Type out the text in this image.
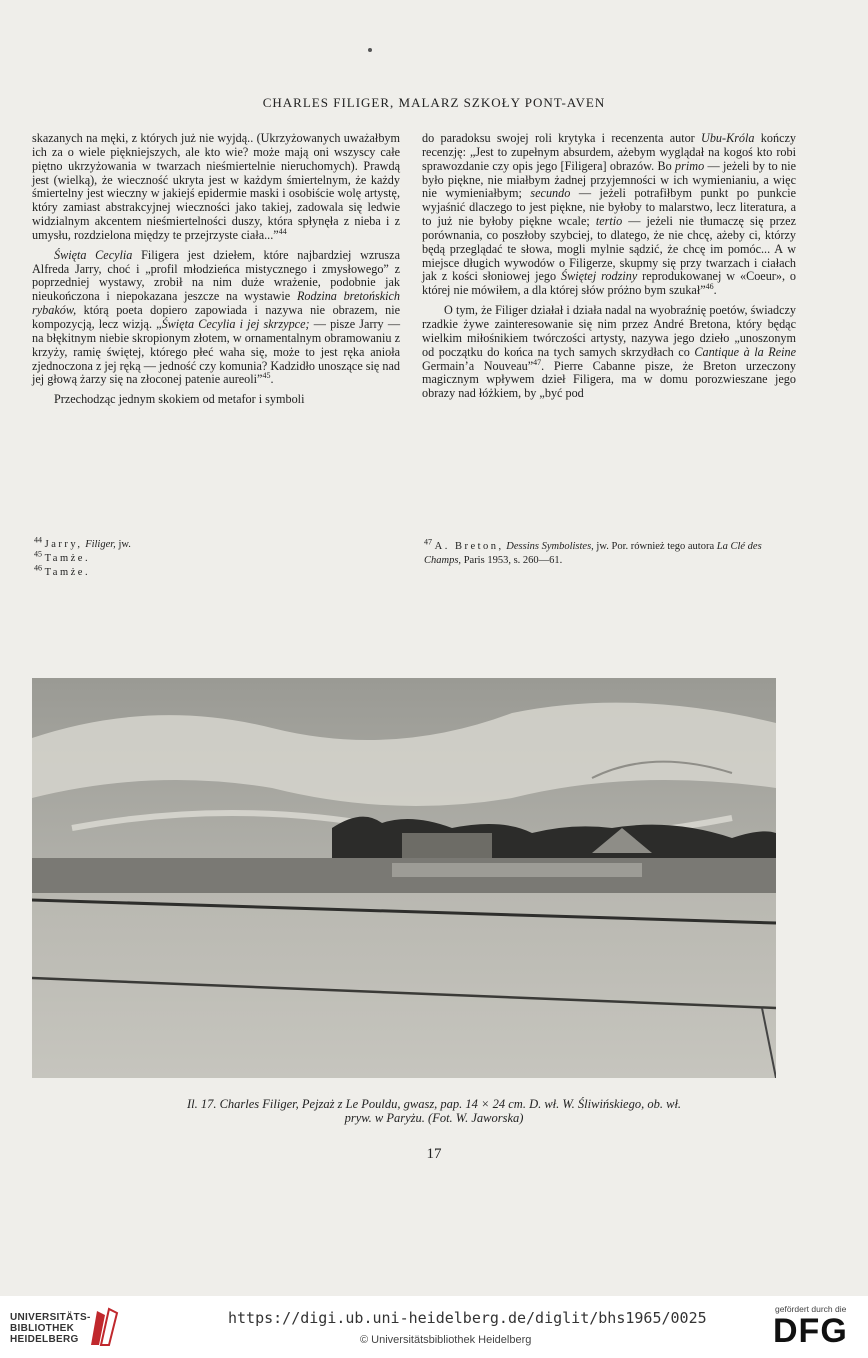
CHARLES FILIGER, MALARZ SZKOŁY PONT-AVEN

skazanych na męki, z których już nie wyjdą.. (Ukrzyżowanych uważałbym ich za o wiele piękniejszych, ale kto wie? może mają oni wszyscy całe piętno ukrzyżowania w twarzach nieśmiertelnie nieruchomych). Prawdą jest (wielką), że wieczność ukryta jest w każdym śmiertelnym, że każdy śmiertelny jest wieczny w jakiejś epidermie maski i osobiście wolę artystę, który zamiast abstrakcyjnej wieczności jako takiej, zadowala się ledwie widzialnym akcentem nieśmiertelności duszy, która spłynęła z nieba i z umysłu, rozdzielona między te przejrzyste ciała...”$^{44}$

Święta Cecylia Filigera jest dziełem, które najbardziej wzrusza Alfreda Jarry, choć i „profil młodzieńca mistycznego i zmysłowego” z poprzedniej wystawy, zrobił na nim duże wrażenie, podobnie jak nieukończona i niepokazana jeszcze na wystawie Rodzina bretońskich rybaków, którą poeta dopiero zapowiada i nazywa nie obrazem, nie kompozycją, lecz wizją. „Święta Cecylia i jej skrzypce; — pisze Jarry — na błękitnym niebie skropionym złotem, w ornamentalnym obramowaniu z krzyży, ramię świętej, którego płeć waha się, może to jest ręka anioła zjednoczona z jej ręką — jedność czy komunia? Kadzidło unoszące się nad jej głową żarzy się na złoconej patenie aureoli”$^{45}$.

Przechodząc jednym skokiem od metafor i symboli

do paradoksu swojej roli krytyka i recenzenta autor Ubu-Króla kończy recenzję: „Jest to zupełnym absurdem, ażebym wyglądał na kogoś kto robi sprawozdanie czy opis jego [Filigera] obrazów. Bo primo — jeżeli by to nie było piękne, nie miałbym żadnej przyjemności w ich wymienianiu, a więc nie wymieniałbym; secundo — jeżeli potrafiłbym punkt po punkcie wyjaśnić dlaczego to jest piękne, nie byłoby to malarstwo, lecz literatura, a to już nie byłoby piękne wcale; tertio — jeżeli nie tłumaczę się przez porównania, co poszłoby szybciej, to dlatego, że nie chcę, ażeby ci, którzy będą przeglądać te słowa, mogli mylnie sądzić, że chcę im pomóc... A w miejsce długich wywodów o Filigerze, skupmy się przy twarzach i ciałach jak z kości słoniowej jego Świętej rodziny reprodukowanej w «Coeur», o której nie mówiłem, a dla której słów próżno bym szukał”$^{46}$.

O tym, że Filiger działał i działa nadal na wyobraźnię poetów, świadczy rzadkie żywe zainteresowanie się nim przez André Bretona, który będąc wielkim miłośnikiem twórczości artysty, nazywa jego dzieło „unoszonym od początku do końca na tych samych skrzydłach co Cantique à la Reine Germain’a Nouveau”$^{47}$. Pierre Cabanne pisze, że Breton urzeczony magicznym wpływem dzieł Filigera, ma w domu porozwieszane jego obrazy nad łóżkiem, by „być pod

$^{44}$ Jarry, Filiger, jw.

$^{45}$ Tamże.

$^{46}$ Tamże.

$^{47}$ A. Breton, Dessins Symbolistes, jw. Por. również tego autora La Clé des Champs, Paris 1953, s. 260—61.

Il. 17. Charles Filiger, Pejzaż z Le Pouldu, gwasz, pap. 14 × 24 cm. D. wł. W. Śliwińskiego, ob. wł.
pryw. w Paryżu. (Fot. W. Jaworska)
17
UNIVERSITÄTS-
BIBLIOTHEK
HEIDELBERG
https://digi.ub.uni-heidelberg.de/diglit/bhs1965/0025
© Universitätsbibliothek Heidelberg
gefördert durch die
DFG
